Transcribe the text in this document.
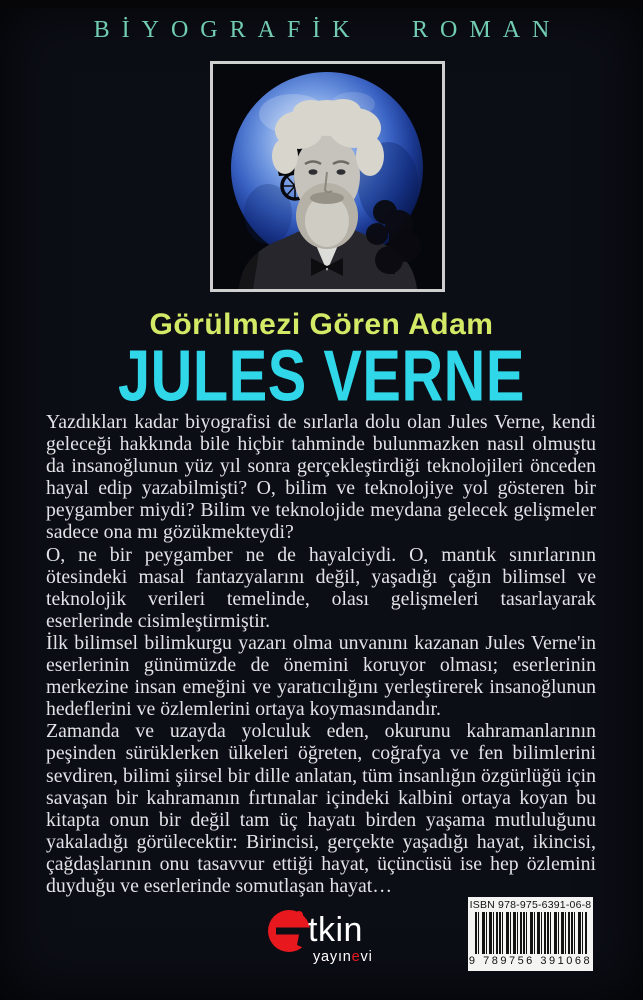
BİYOGRAFİK ROMAN
Görülmezi Gören Adam
JULES VERNE

Yazdıkları kadar biyografisi de sırlarla dolu olan Jules Verne, kendi geleceği hakkında bile hiçbir tahminde bulunmazken nasıl olmuştu da insanoğlunun yüz yıl sonra gerçekleştirdiği teknolojileri önceden hayal edip yazabilmişti? O, bilim ve teknolojiye yol gösteren bir peygamber miydi? Bilim ve teknolojide meydana gelecek gelişmeler sadece ona mı gözükmekteydi?

O, ne bir peygamber ne de hayalciydi. O, mantık sınırlarının ötesindeki masal fantazyalarını değil, yaşadığı çağın bilimsel ve teknolojik verileri temelinde, olası gelişmeleri tasarlayarak eserlerinde cisimleştirmiştir.

İlk bilimsel bilimkurgu yazarı olma unvanını kazanan Jules Verne'in eserlerinin günümüzde de önemini koruyor olması; eserlerinin merkezine insan emeğini ve yaratıcılığını yerleştirerek insanoğlunun hedeflerini ve özlemlerini ortaya koymasındandır.

Zamanda ve uzayda yolculuk eden, okurunu kahramanlarının peşinden sürüklerken ülkeleri öğreten, coğrafya ve fen bilimlerini sevdiren, bilimi şiirsel bir dille anlatan, tüm insanlığın özgürlüğü için savaşan bir kahramanın fırtınalar içindeki kalbini ortaya koyan bu kitapta onun bir değil tam üç hayatı birden yaşama mutluluğunu yakaladığı görülecektir: Birincisi, gerçekte yaşadığı hayat, ikincisi, çağdaşlarının onu tasavvur ettiği hayat, üçüncüsü ise hep özlemini duyduğu ve eserlerinde somutlaşan hayat…

tkin
yayınevi
ISBN 978-975-6391-06-8
9 789756 391068
